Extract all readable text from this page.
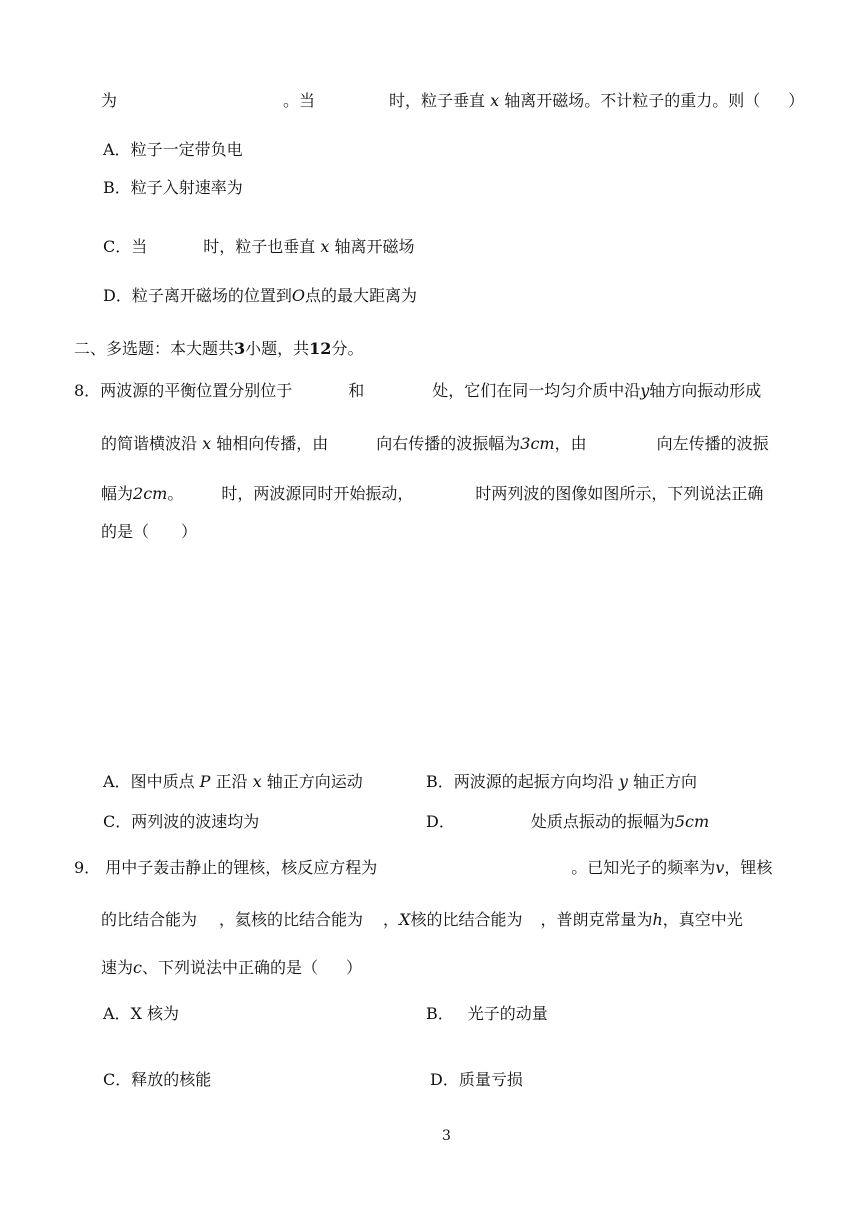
为	。当	时，粒子垂直 x 轴离开磁场。不计粒子的重力。则（ ）
A．粒子一定带负电
B．粒子入射速率为
C．当	时，粒子也垂直 x 轴离开磁场
D．粒子离开磁场的位置到O点的最大距离为
二、多选题：本大题共3小题，共12分。
8．两波源的平衡位置分别位于	和	处，它们在同一均匀介质中沿y轴方向振动形成
的简谐横波沿 x 轴相向传播，由	向右传播的波振幅为3cm，由	向左传播的波振
幅为2cm。 时，两波源同时开始振动，	时两列波的图像如图所示，下列说法正确
的是（　　）
A．图中质点 P 正沿 x 轴正方向运动	B．两波源的起振方向均沿 y 轴正方向
C．两列波的波速均为	D．	处质点振动的振幅为5cm
9． 用中子轰击静止的锂核，核反应方程为	。已知光子的频率为v，锂核
的比结合能为 ，氦核的比结合能为 ，X核的比结合能为 ，普朗克常量为h，真空中光
速为c、下列说法中正确的是（ ）
A．X 核为	B． 光子的动量
C．释放的核能	D．质量亏损
3
